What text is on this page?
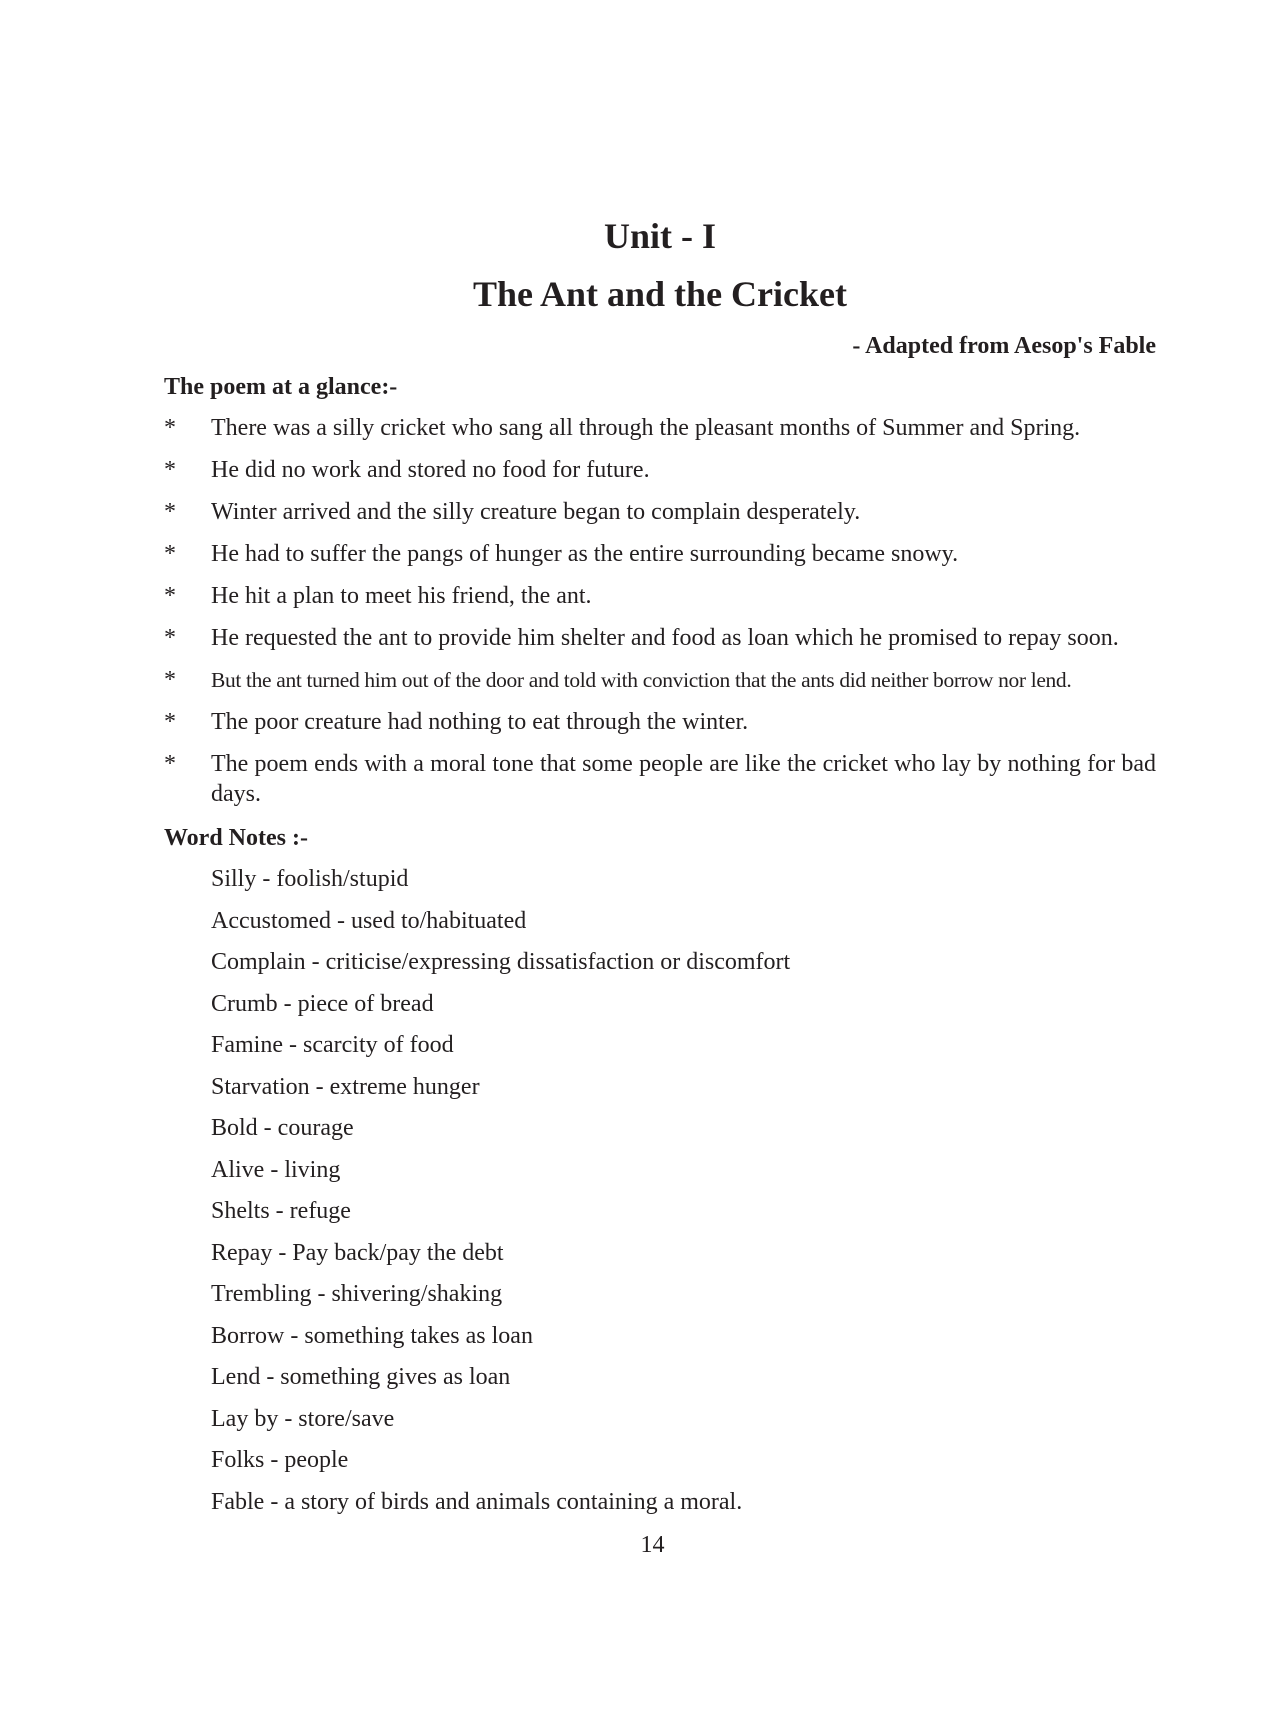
Unit - I
The Ant and the Cricket

- Adapted from Aesop's Fable

The poem at a glance:-

* There was a silly cricket who sang all through the pleasant months of Summer and Spring.
* He did no work and stored no food for future.
* Winter arrived and the silly creature began to complain desperately.
* He had to suffer the pangs of hunger as the entire surrounding became snowy.
* He hit a plan to meet his friend, the ant.
* He requested the ant to provide him shelter and food as loan which he promised to repay soon.
* But the ant turned him out of the door and told with conviction that the ants did neither borrow nor lend.
* The poor creature had nothing to eat through the winter.
* The poem ends with a moral tone that some people are like the cricket who lay by nothing for bad days.

Word Notes :-

Silly - foolish/stupid
Accustomed - used to/habituated
Complain - criticise/expressing dissatisfaction or discomfort
Crumb - piece of bread
Famine - scarcity of food
Starvation - extreme hunger
Bold - courage
Alive - living
Shelts - refuge
Repay - Pay back/pay the debt
Trembling - shivering/shaking
Borrow - something takes as loan
Lend - something gives as loan
Lay by - store/save
Folks - people
Fable - a story of birds and animals containing a moral.

14
